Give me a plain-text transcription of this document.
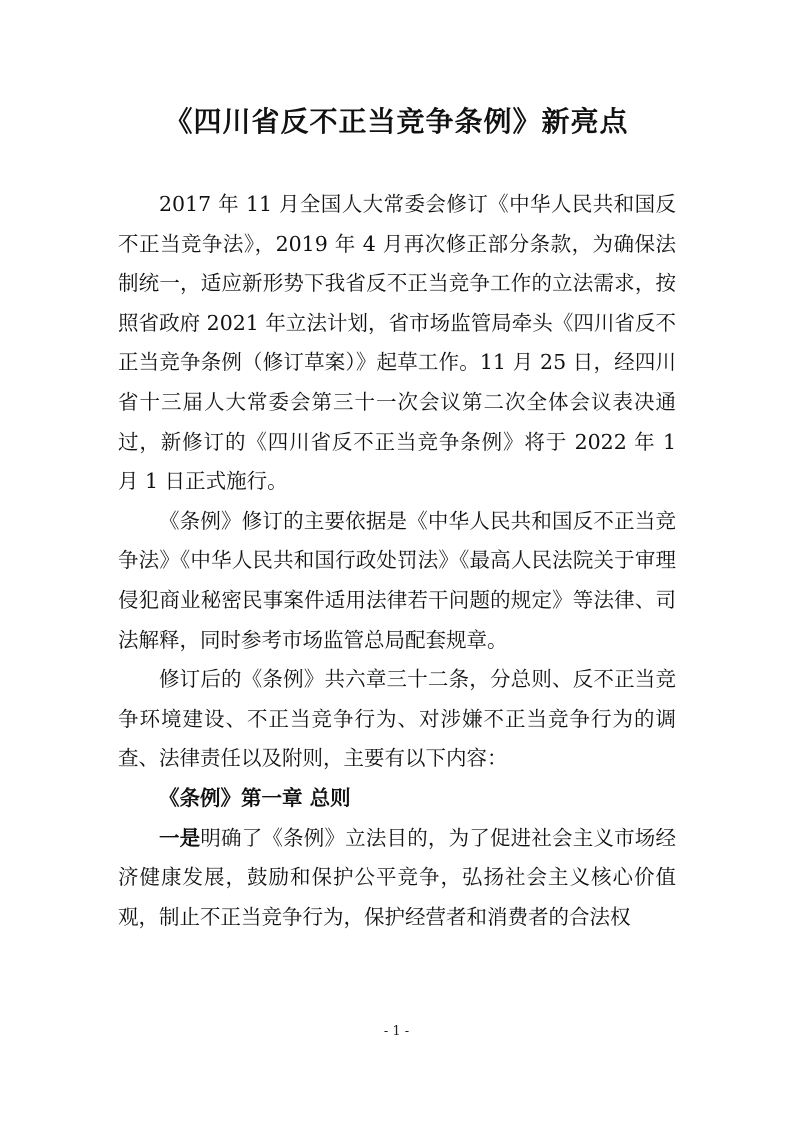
《四川省反不正当竞争条例》新亮点

2017 年 11 月全国人大常委会修订《中华人民共和国反不正当竞争法》，2019 年 4 月再次修正部分条款，为确保法制统一，适应新形势下我省反不正当竞争工作的立法需求，按照省政府 2021 年立法计划，省市场监管局牵头《四川省反不正当竞争条例（修订草案）》起草工作。11 月 25 日，经四川省十三届人大常委会第三十一次会议第二次全体会议表决通过，新修订的《四川省反不正当竞争条例》将于 2022 年 1 月 1 日正式施行。

《条例》修订的主要依据是《中华人民共和国反不正当竞争法》《中华人民共和国行政处罚法》《最高人民法院关于审理侵犯商业秘密民事案件适用法律若干问题的规定》等法律、司法解释，同时参考市场监管总局配套规章。

修订后的《条例》共六章三十二条，分总则、反不正当竞争环境建设、不正当竞争行为、对涉嫌不正当竞争行为的调查、法律责任以及附则，主要有以下内容：

《条例》第一章 总则

一是明确了《条例》立法目的，为了促进社会主义市场经济健康发展，鼓励和保护公平竞争，弘扬社会主义核心价值观，制止不正当竞争行为，保护经营者和消费者的合法权

- 1 -
